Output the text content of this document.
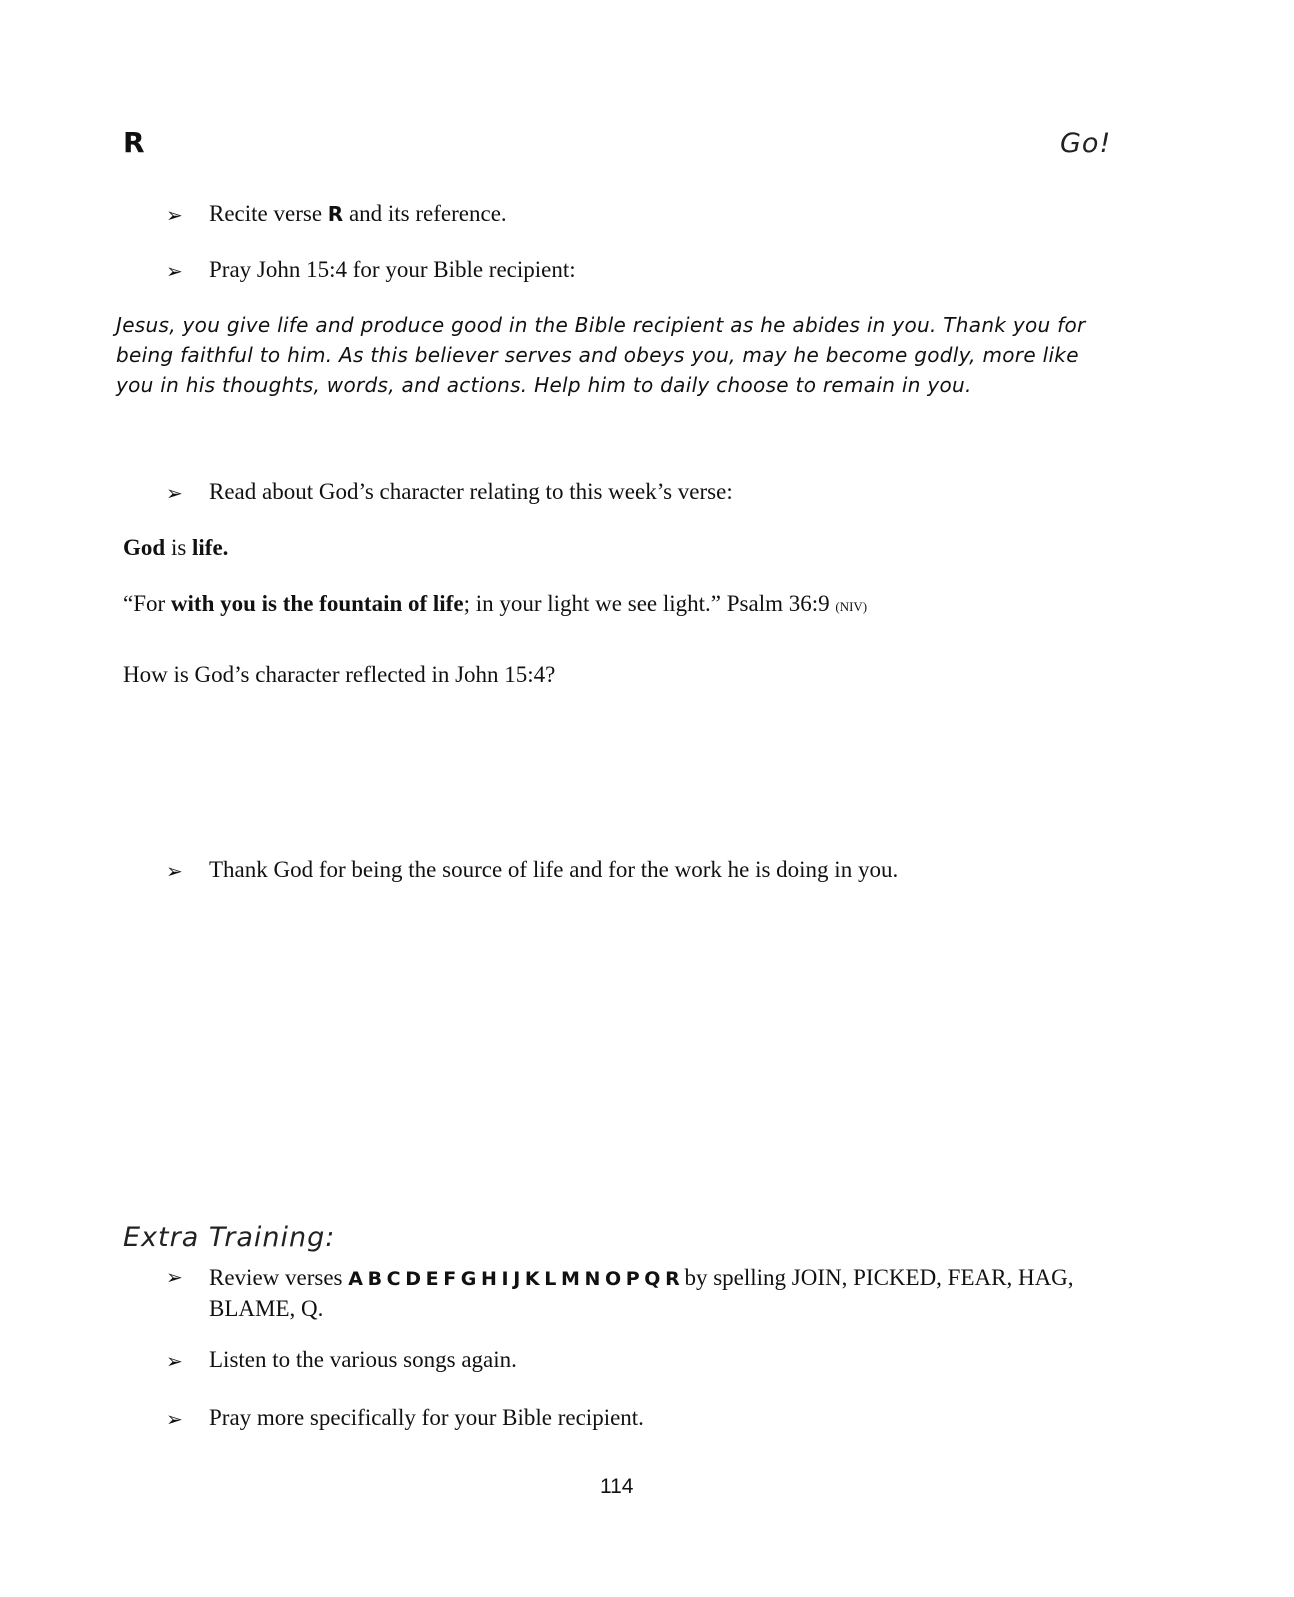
R	Go!
➢ Recite verse R and its reference.
➢ Pray John 15:4 for your Bible recipient:
Jesus, you give life and produce good in the Bible recipient as he abides in you. Thank you for being faithful to him. As this believer serves and obeys you, may he become godly, more like you in his thoughts, words, and actions. Help him to daily choose to remain in you.
➢ Read about God’s character relating to this week’s verse:
God is life.
“For with you is the fountain of life; in your light we see light.” Psalm 36:9 (NIV)
How is God’s character reflected in John 15:4?
➢ Thank God for being the source of life and for the work he is doing in you.
Extra Training:
➢ Review verses A B C D E F G H I J K L M N O P Q R by spelling JOIN, PICKED, FEAR, HAG, BLAME, Q.
➢ Listen to the various songs again.
➢ Pray more specifically for your Bible recipient.
114
